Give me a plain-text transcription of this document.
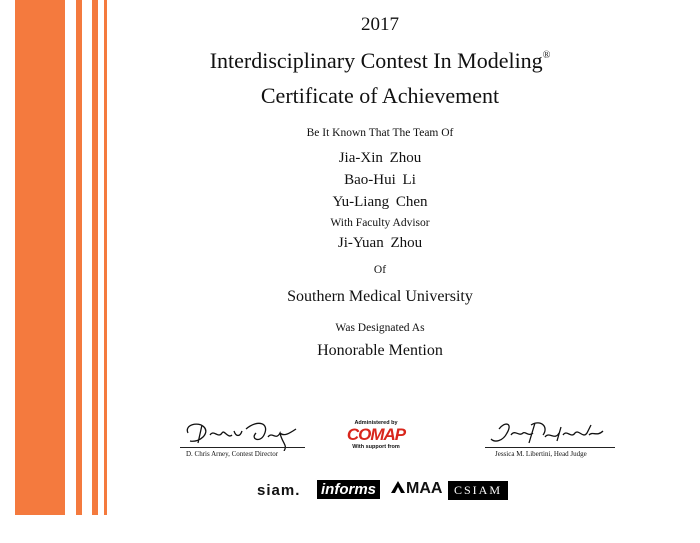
2017
Interdisciplinary Contest In Modeling®
Certificate of Achievement
Be It Known That The Team Of
Jia-Xin Zhou
Bao-Hui Li
Yu-Liang Chen
With Faculty Advisor
Ji-Yuan Zhou
Of
Southern Medical University
Was Designated As
Honorable Mention
D. Chris Arney, Contest Director
Administered by
COMAP
With support from
Jessica M. Libertini, Head Judge
siam. informs	MAA CSIAM
